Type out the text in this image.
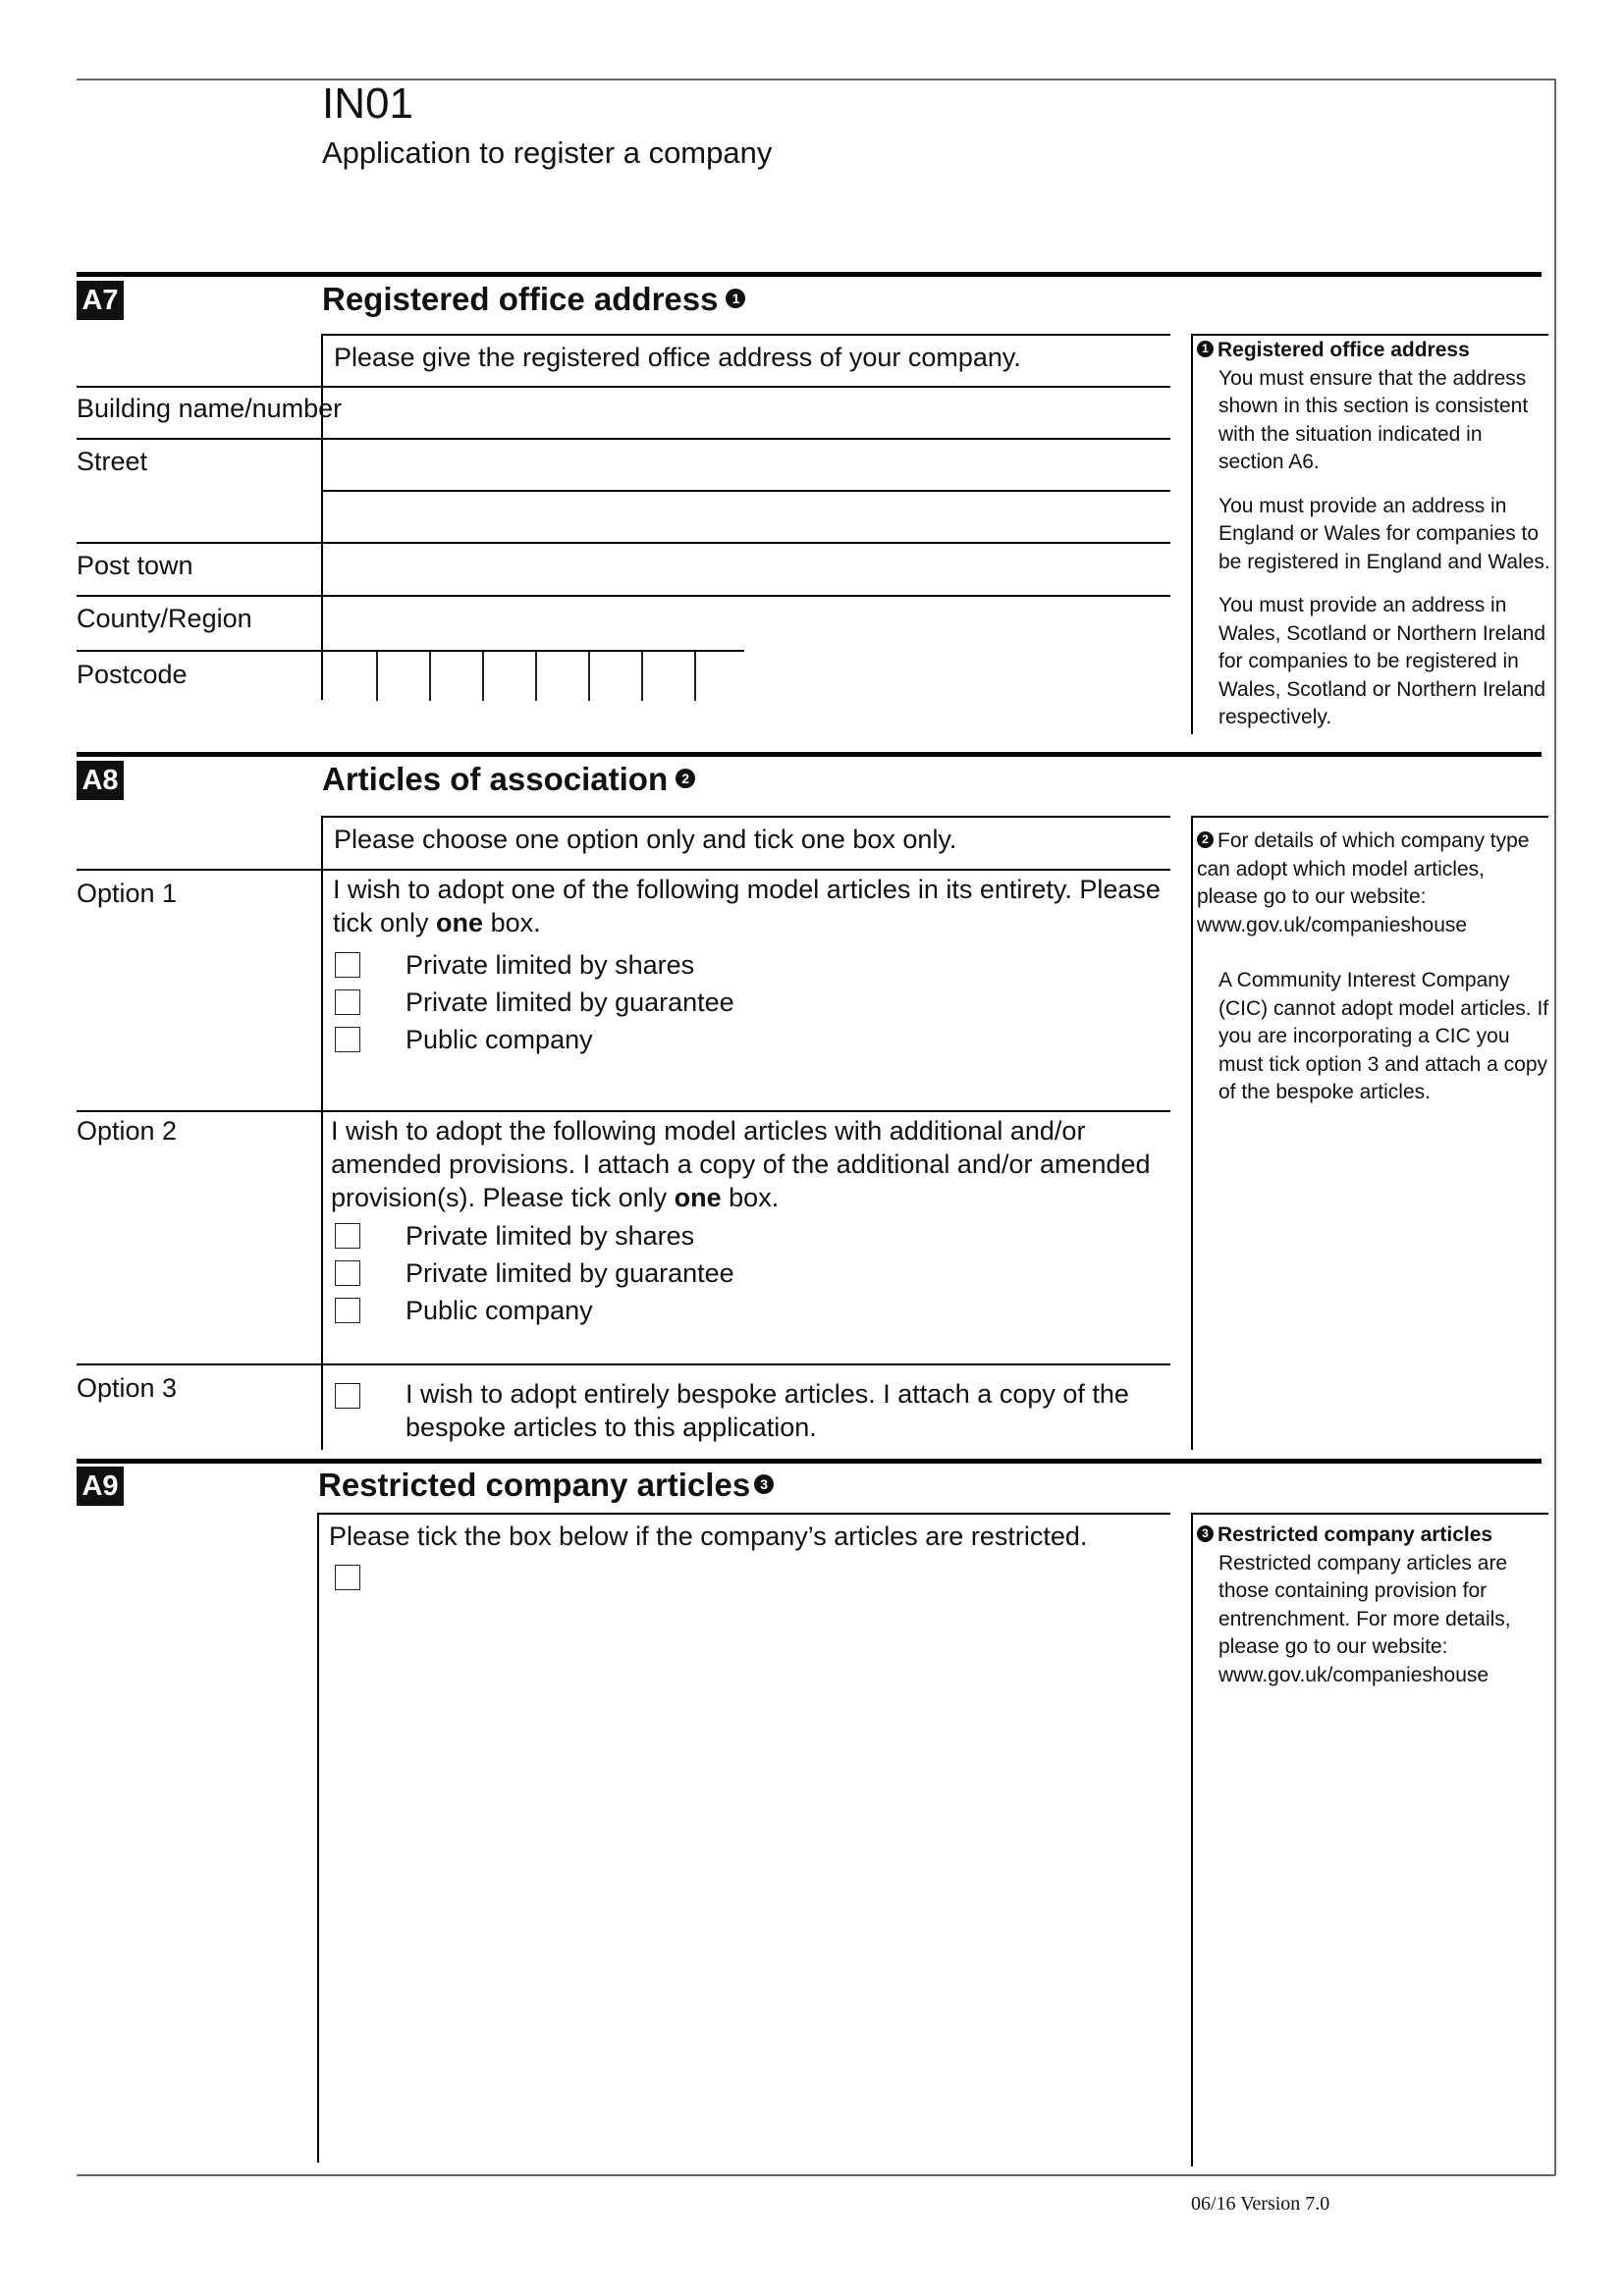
IN01
Application to register a company
A7	Registered office address 1
Please give the registered office address of your company.
Building name/number
Street
Post town
County/Region
Postcode

1 Registered office address

You must ensure that the address shown in this section is consistent with the situation indicated in section A6.

You must provide an address in England or Wales for companies to be registered in England and Wales.

You must provide an address in Wales, Scotland or Northern Ireland for companies to be registered in Wales, Scotland or Northern Ireland respectively.

A8	Articles of association 2
Please choose one option only and tick one box only.
Option 1	I wish to adopt one of the following model articles in its entirety. Please tick only one box.
Private limited by shares
Private limited by guarantee
Public company
Option 2	I wish to adopt the following model articles with additional and/or amended provisions. I attach a copy of the additional and/or amended provision(s). Please tick only one box.
Private limited by shares
Private limited by guarantee
Public company
Option 3	I wish to adopt entirely bespoke articles. I attach a copy of the bespoke articles to this application.

2 For details of which company type can adopt which model articles, please go to our website: www.gov.uk/companieshouse

A Community Interest Company (CIC) cannot adopt model articles. If you are incorporating a CIC you must tick option 3 and attach a copy of the bespoke articles.

A9	Restricted company articles 3
Please tick the box below if the company’s articles are restricted.	3 Restricted company articles

Restricted company articles are those containing provision for entrenchment. For more details, please go to our website: www.gov.uk/companieshouse

06/16 Version 7.0
